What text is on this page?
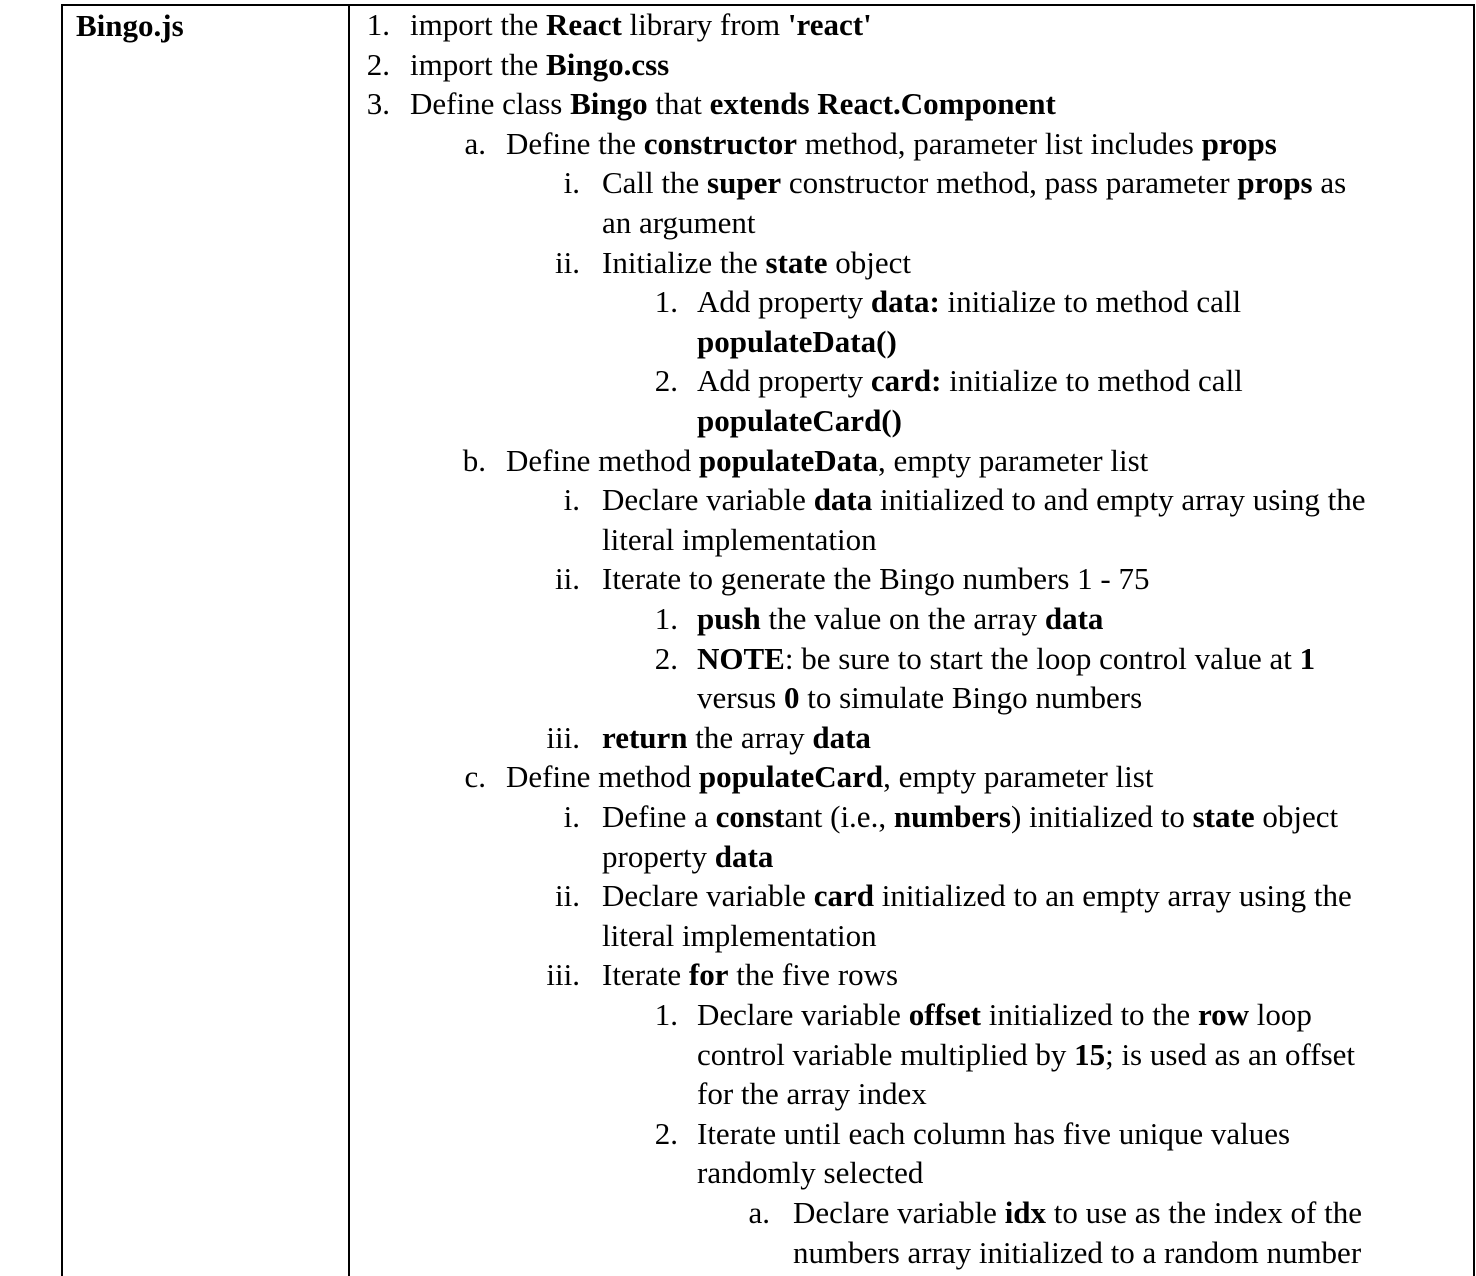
Bingo.js	1. import the React library from 'react'
2. import the Bingo.css
3. Define class Bingo that extends React.Component
a. Define the constructor method, parameter list includes props
i. Call the super constructor method, pass parameter props as
an argument
ii. Initialize the state object
1. Add property data: initialize to method call
populateData()
2. Add property card: initialize to method call
populateCard()
b. Define method populateData, empty parameter list
i. Declare variable data initialized to and empty array using the
literal implementation
ii. Iterate to generate the Bingo numbers 1 - 75
1. push the value on the array data
2. NOTE: be sure to start the loop control value at 1
versus 0 to simulate Bingo numbers
iii. return the array data
c. Define method populateCard, empty parameter list
i. Define a constant (i.e., numbers) initialized to state object
property data
ii. Declare variable card initialized to an empty array using the
literal implementation
iii. Iterate for the five rows
1. Declare variable offset initialized to the row loop
control variable multiplied by 15; is used as an offset
for the array index
2. Iterate until each column has five unique values
randomly selected
a. Declare variable idx to use as the index of the
numbers array initialized to a random number
